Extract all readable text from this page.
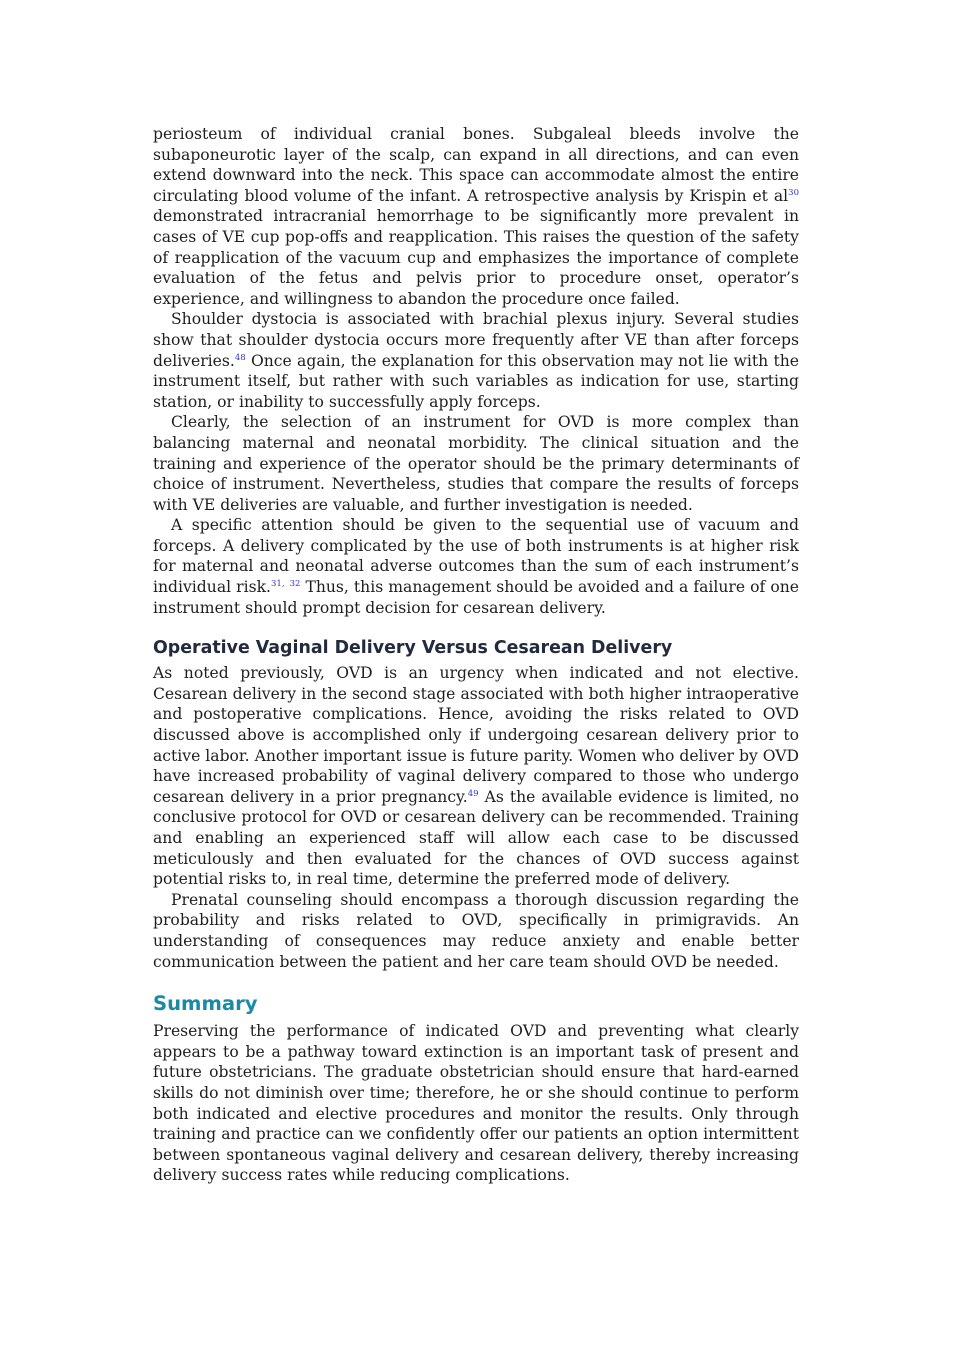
periosteum of individual cranial bones. Subgaleal bleeds involve the subaponeurotic layer of the scalp, can expand in all directions, and can even extend downward into the neck. This space can accommodate almost the entire circulating blood volume of the infant. A retrospective analysis by Krispin et al$^{30}$ demonstrated intracranial hemorrhage to be significantly more prevalent in cases of VE cup pop-offs and reapplication. This raises the question of the safety of reapplication of the vacuum cup and emphasizes the importance of complete evaluation of the fetus and pelvis prior to procedure onset, operator’s experience, and willingness to abandon the procedure once failed.

Shoulder dystocia is associated with brachial plexus injury. Several studies show that shoulder dystocia occurs more frequently after VE than after forceps deliveries.$^{48}$ Once again, the explanation for this observation may not lie with the instrument itself, but rather with such variables as indication for use, starting station, or inability to successfully apply forceps.

Clearly, the selection of an instrument for OVD is more complex than balancing maternal and neonatal morbidity. The clinical situation and the training and experience of the operator should be the primary determinants of choice of instrument. Nevertheless, studies that compare the results of forceps with VE deliveries are valuable, and further investigation is needed.

A specific attention should be given to the sequential use of vacuum and forceps. A delivery complicated by the use of both instruments is at higher risk for maternal and neonatal adverse outcomes than the sum of each instrument’s individual risk.$^{31,}$ $^{32}$ Thus, this management should be avoided and a failure of one instrument should prompt decision for cesarean delivery.

Operative Vaginal Delivery Versus Cesarean Delivery

As noted previously, OVD is an urgency when indicated and not elective. Cesarean delivery in the second stage associated with both higher intraoperative and postoperative complications. Hence, avoiding the risks related to OVD discussed above is accomplished only if undergoing cesarean delivery prior to active labor. Another important issue is future parity. Women who deliver by OVD have increased probability of vaginal delivery compared to those who undergo cesarean delivery in a prior pregnancy.$^{49}$ As the available evidence is limited, no conclusive protocol for OVD or cesarean delivery can be recommended. Training and enabling an experienced staff will allow each case to be discussed meticulously and then evaluated for the chances of OVD success against potential risks to, in real time, determine the preferred mode of delivery.

Prenatal counseling should encompass a thorough discussion regarding the probability and risks related to OVD, specifically in primigravids. An understanding of consequences may reduce anxiety and enable better communication between the patient and her care team should OVD be needed.

Summary

Preserving the performance of indicated OVD and preventing what clearly appears to be a pathway toward extinction is an important task of present and future obstetricians. The graduate obstetrician should ensure that hard-earned skills do not diminish over time; therefore, he or she should continue to perform both indicated and elective procedures and monitor the results. Only through training and practice can we confidently offer our patients an option intermittent between spontaneous vaginal delivery and cesarean delivery, thereby increasing delivery success rates while reducing complications.
